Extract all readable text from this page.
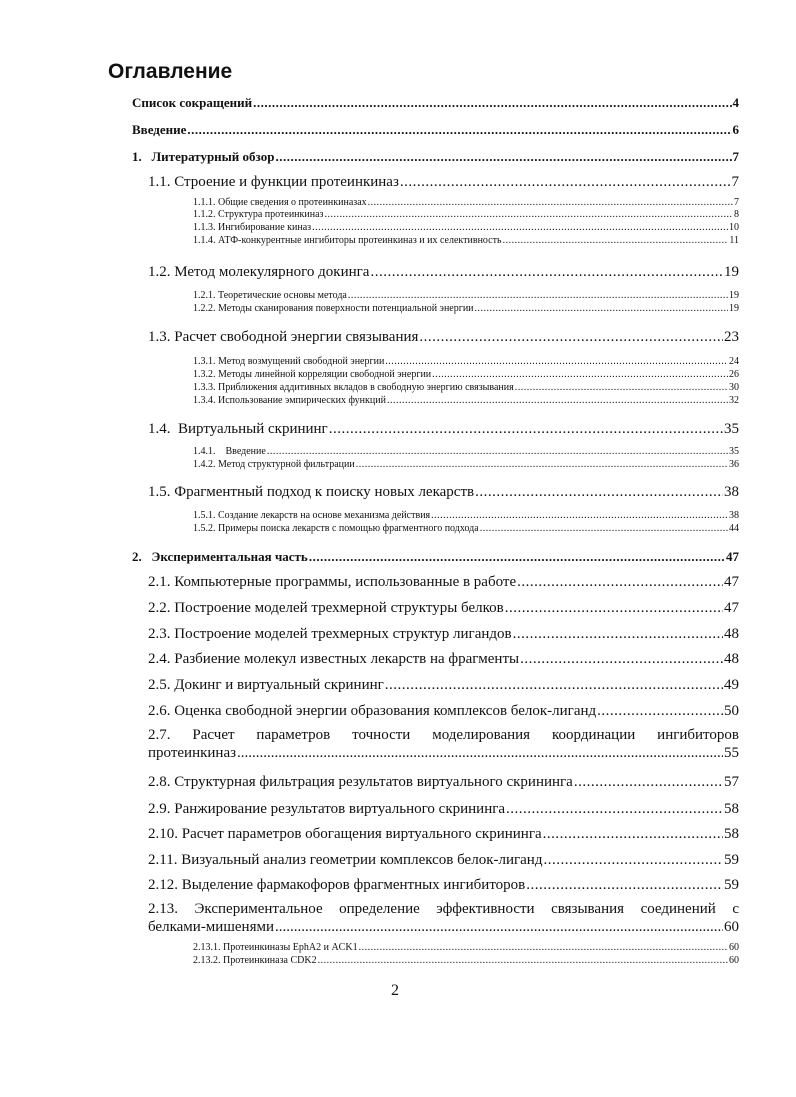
Оглавление
Список сокращений .....	4
Введение .....	6
1.   Литературный обзор .....	7
1.1. Строение и функции протеинкиназ .....	7
1.1.1. Общие сведения о протеинкиназах .....	7
1.1.2. Структура протеинкиназ .....	8
1.1.3. Ингибирование киназ .....	10
1.1.4. АТФ-конкурентные ингибиторы протеинкиназ и их селективность .....	11
1.2. Метод молекулярного докинга .....	19
1.2.1. Теоретические основы метода .....	19
1.2.2. Методы сканирования поверхности потенциальной энергии .....	19
1.3. Расчет свободной энергии связывания .....	23
1.3.1. Метод возмущений свободной энергии .....	24
1.3.2. Методы линейной корреляции свободной энергии .....	26
1.3.3. Приближения аддитивных вкладов в свободную энергию связывания .....	30
1.3.4. Использование эмпирических функций .....	32
1.4.  Виртуальный скрининг .....	35
1.4.1.    Введение .....	35
1.4.2. Метод структурной фильтрации .....	36
1.5. Фрагментный подход к поиску новых лекарств .....	38
1.5.1. Создание лекарств на основе механизма действия .....	38
1.5.2. Примеры поиска лекарств с помощью фрагментного подхода .....	44
2.   Экспериментальная часть .....	47
2.1. Компьютерные программы, использованные в работе .....	47
2.2. Построение моделей трехмерной структуры белков .....	47
2.3. Построение моделей трехмерных структур лигандов .....	48
2.4. Разбиение молекул известных лекарств на фрагменты .....	48
2.5. Докинг и виртуальный скрининг .....	49
2.6. Оценка свободной энергии образования комплексов белок-лиганд .....	50
2.7. Расчет параметров точности моделирования координации ингибиторов
протеинкиназ .....	55
2.8. Структурная фильтрация результатов виртуального скрининга .....	57
2.9. Ранжирование результатов виртуального скрининга .....	58
2.10. Расчет параметров обогащения виртуального скрининга .....	58
2.11. Визуальный анализ геометрии комплексов белок-лиганд .....	59
2.12. Выделение фармакофоров фрагментных ингибиторов .....	59
2.13. Экспериментальное определение эффективности связывания соединений с
белками-мишенями .....	60
2.13.1. Протеинкиназы EphA2 и ACK1 .....	60
2.13.2. Протеинкиназа CDK2 .....	60
2
